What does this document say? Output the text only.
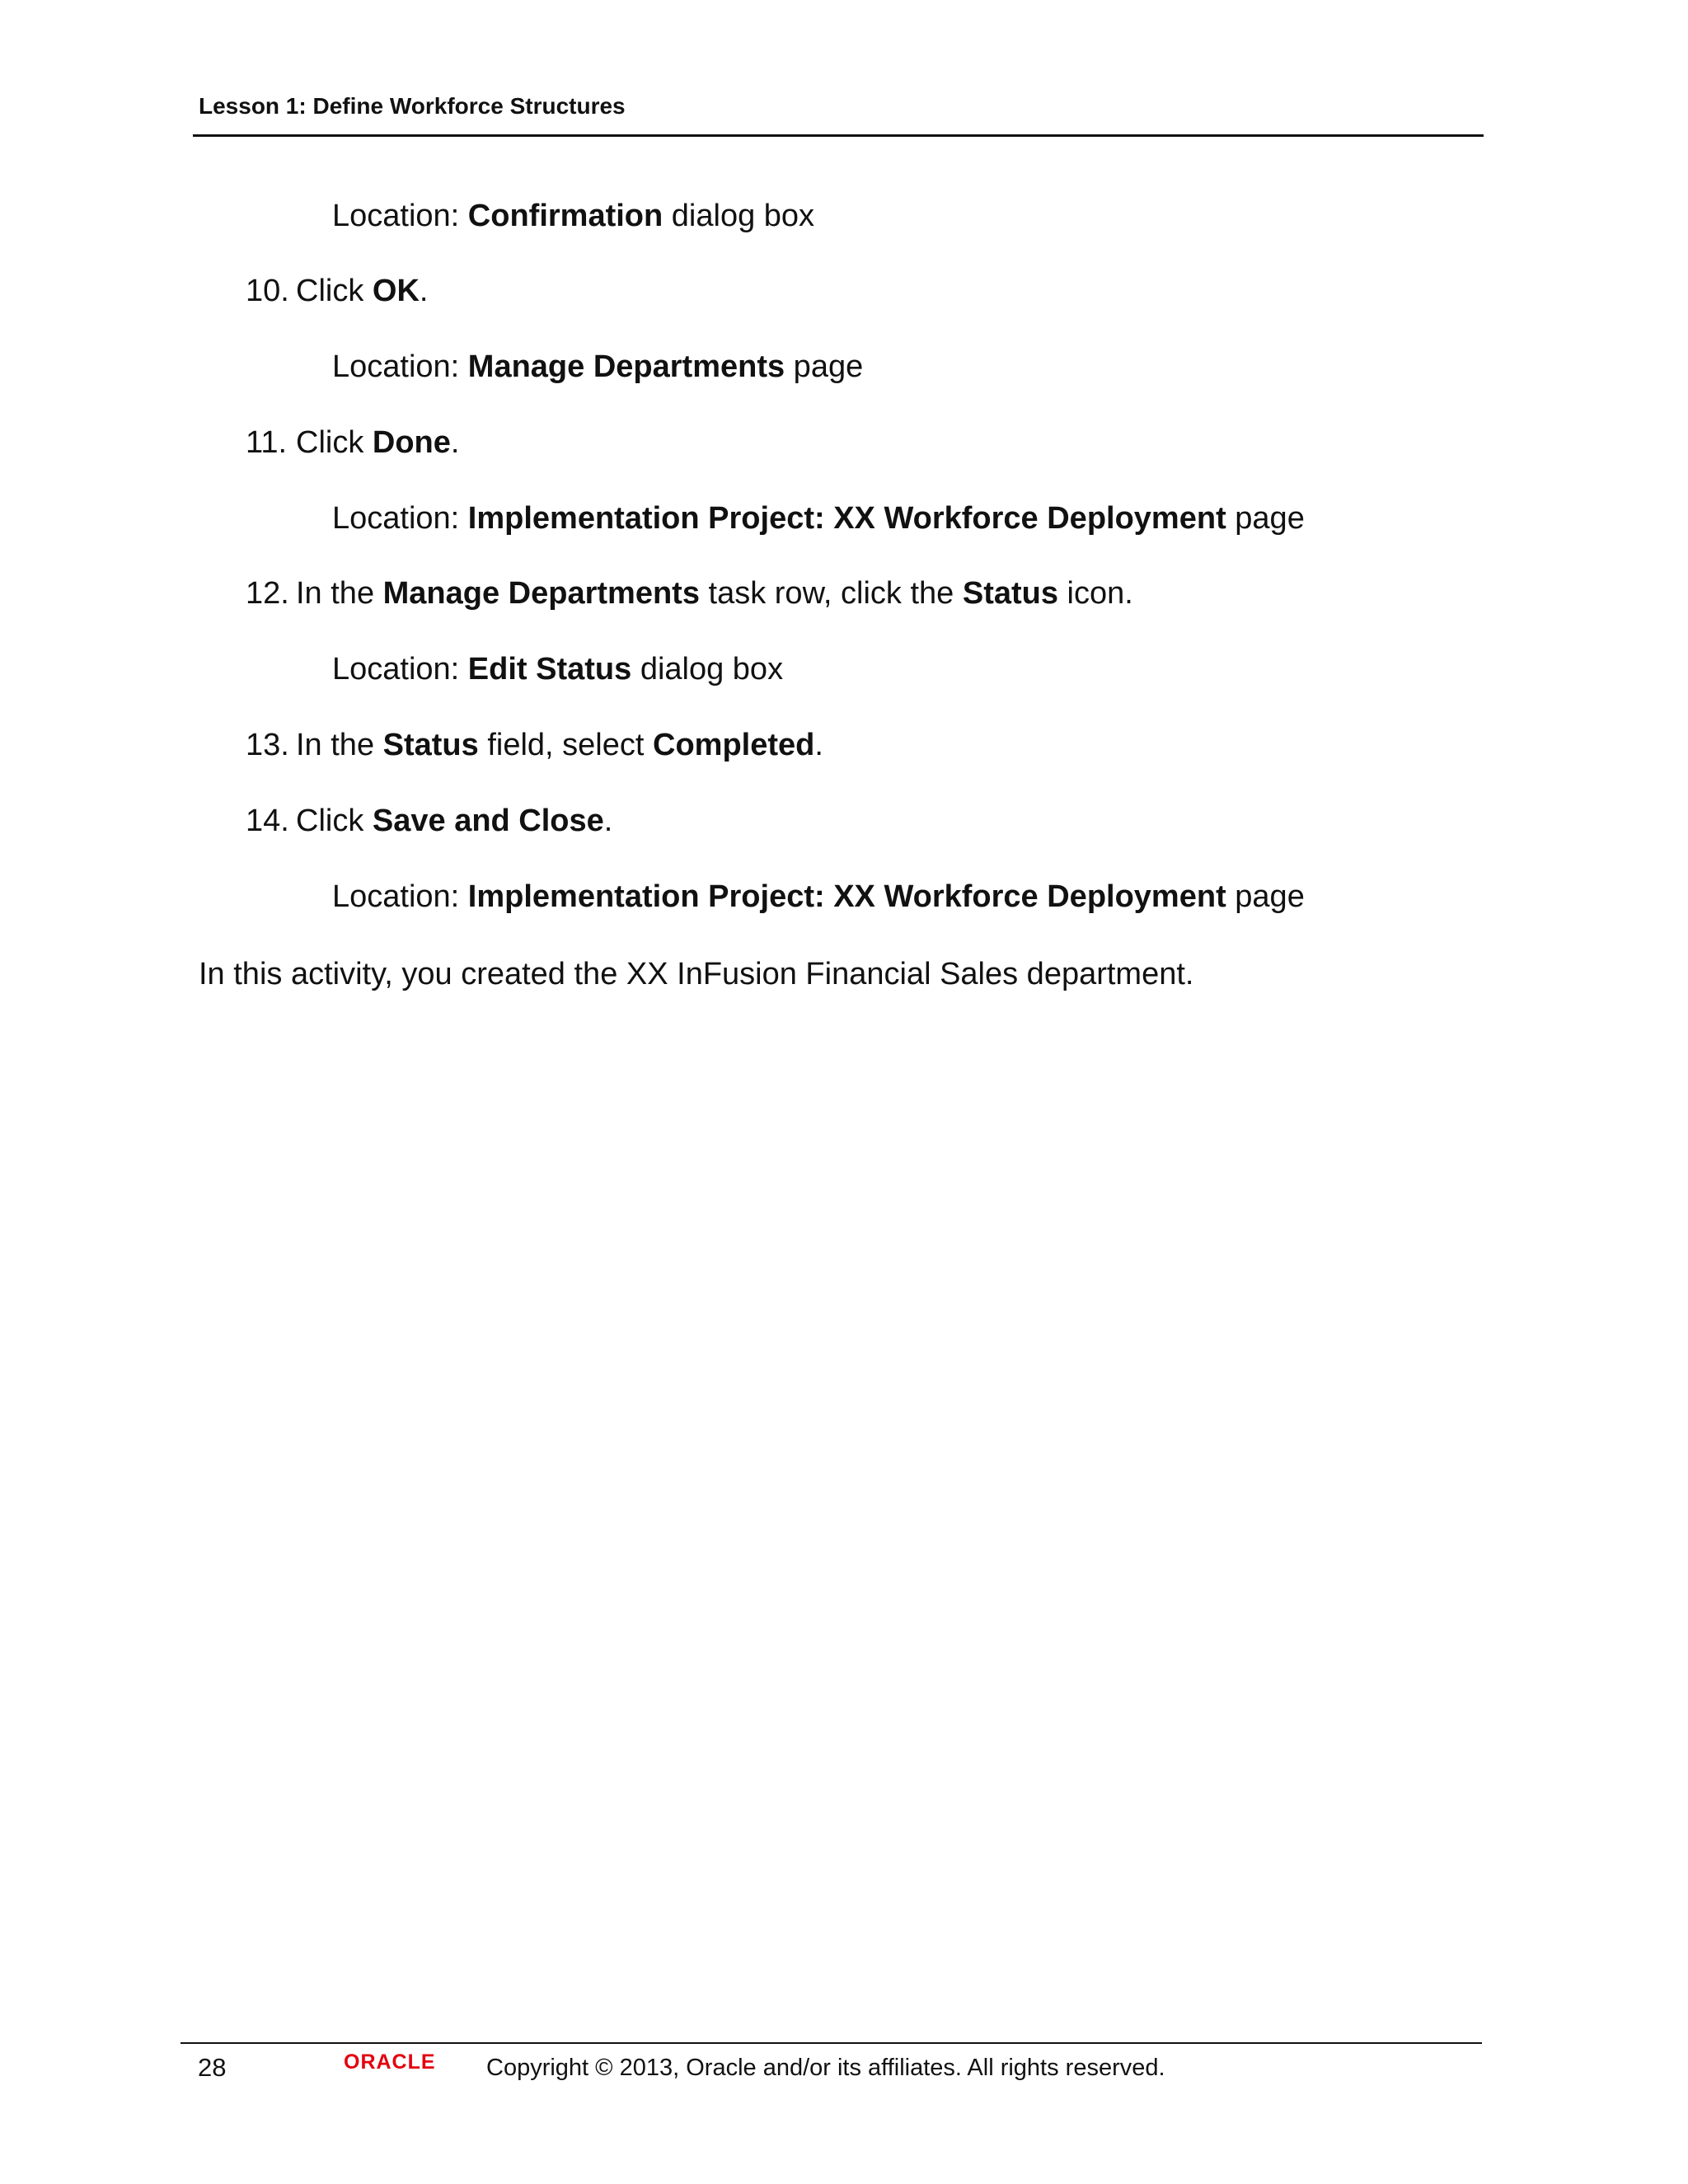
Lesson 1: Define Workforce Structures
Location: Confirmation dialog box
10. Click OK.
Location: Manage Departments page
11. Click Done.
Location: Implementation Project: XX Workforce Deployment page
12. In the Manage Departments task row, click the Status icon.
Location: Edit Status dialog box
13. In the Status field, select Completed.
14. Click Save and Close.
Location: Implementation Project: XX Workforce Deployment page
In this activity, you created the XX InFusion Financial Sales department.
28	ORACLE Copyright © 2013, Oracle and/or its affiliates. All rights reserved.
